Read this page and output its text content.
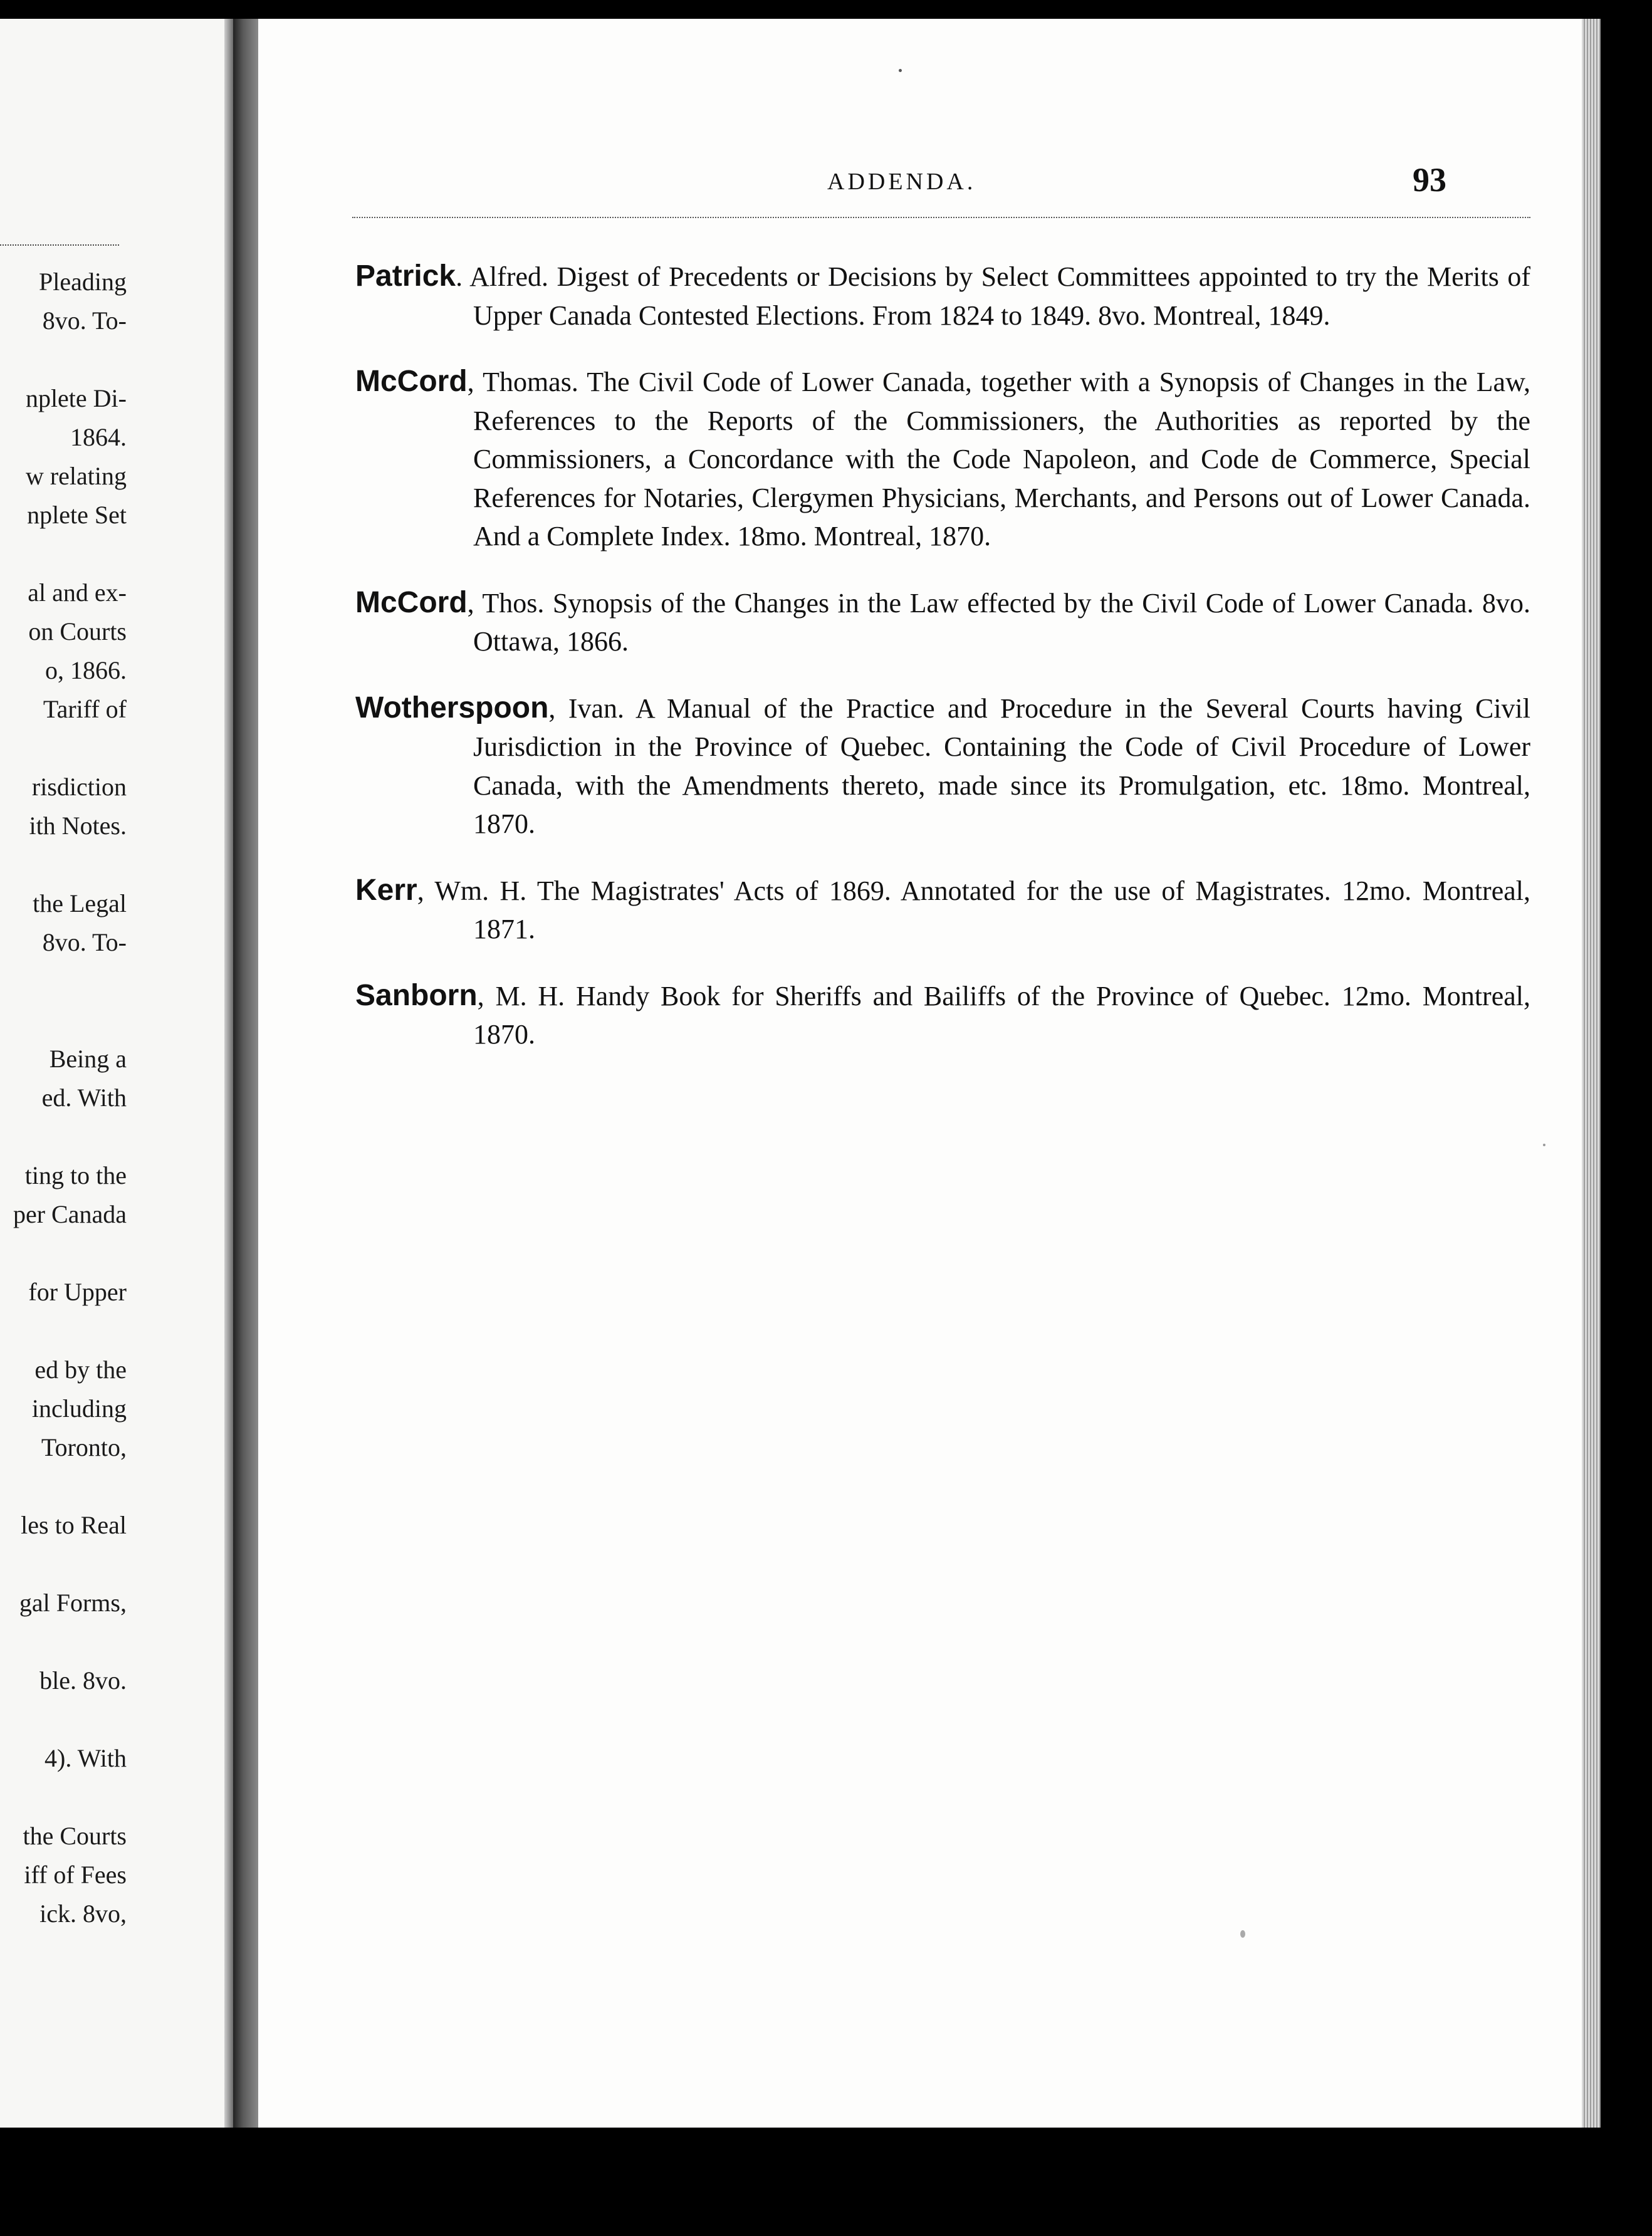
Pleading
8vo. To-
nplete Di-
1864.
w relating
nplete Set
al and ex-
on Courts
o, 1866.
Tariff of
risdiction
ith Notes.
the Legal
8vo. To-
Being a
ed. With
ting to the
per Canada
for Upper
ed by the
including
Toronto,
les to Real
gal Forms,
ble. 8vo.
4). With
the Courts
iff of Fees
ick. 8vo,
ADDENDA.	93

Patrick. Alfred. Digest of Precedents or Decisions by Select Committees appointed to try the Merits of Upper Canada Contested Elections. From 1824 to 1849. 8vo. Montreal, 1849.

McCord, Thomas. The Civil Code of Lower Canada, together with a Synopsis of Changes in the Law, References to the Reports of the Commissioners, the Authorities as reported by the Commissioners, a Concordance with the Code Napoleon, and Code de Commerce, Special References for Notaries, Clergymen Physicians, Merchants, and Persons out of Lower Canada. And a Complete Index. 18mo. Montreal, 1870.

McCord, Thos. Synopsis of the Changes in the Law effected by the Civil Code of Lower Canada. 8vo. Ottawa, 1866.

Wotherspoon, Ivan. A Manual of the Practice and Procedure in the Several Courts having Civil Jurisdiction in the Province of Quebec. Containing the Code of Civil Procedure of Lower Canada, with the Amendments thereto, made since its Promulgation, etc. 18mo. Montreal, 1870.

Kerr, Wm. H. The Magistrates' Acts of 1869. Annotated for the use of Magistrates. 12mo. Montreal, 1871.

Sanborn, M. H. Handy Book for Sheriffs and Bailiffs of the Province of Quebec. 12mo. Montreal, 1870.
